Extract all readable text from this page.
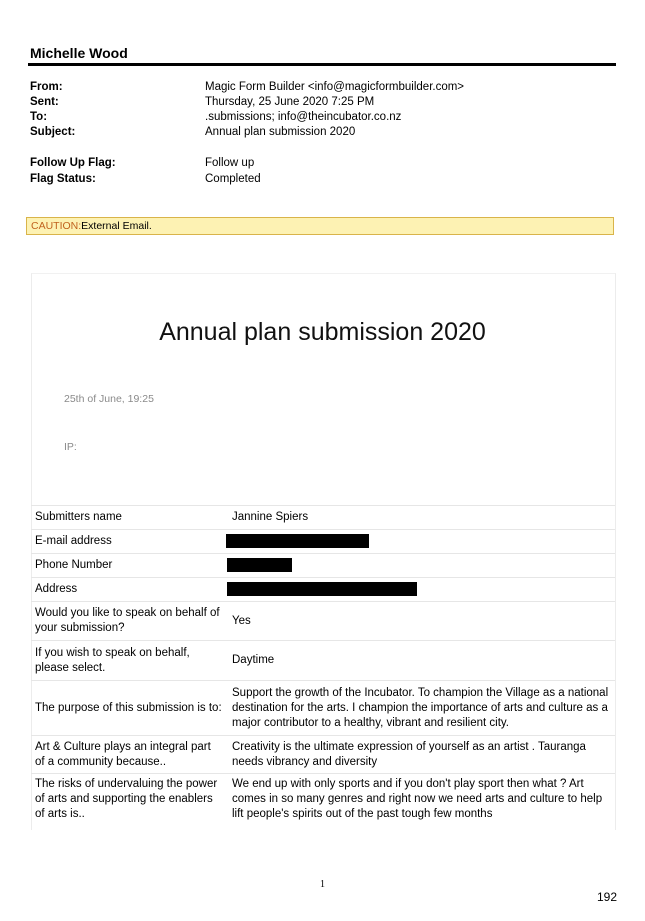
Michelle Wood
From:	Magic Form Builder <info@magicformbuilder.com>
Sent:	Thursday, 25 June 2020 7:25 PM
To:	.submissions; info@theincubator.co.nz
Subject:	Annual plan submission 2020
Follow Up Flag:	Follow up
Flag Status:	Completed
CAUTION:External Email.
Annual plan submission 2020
25th of June, 19:25
IP:
Submitters name	Jannine Spiers
E-mail address	
Phone Number	
Address	
Would you like to speak on behalf of your submission?	Yes
If you wish to speak on behalf, please select.	Daytime
The purpose of this submission is to:	Support the growth of the Incubator. To champion the Village as a national destination for the arts. I champion the importance of arts and culture as a major contributor to a healthy, vibrant and resilient city.
Art & Culture plays an integral part of a community because..	Creativity is the ultimate expression of yourself as an artist . Tauranga needs vibrancy and diversity
The risks of undervaluing the power of arts and supporting the enablers of arts is..	We end up with only sports and if you don't play sport then what ? Art comes in so many genres and right now we need arts and culture to help lift people's spirits out of the past tough few months
1
192
